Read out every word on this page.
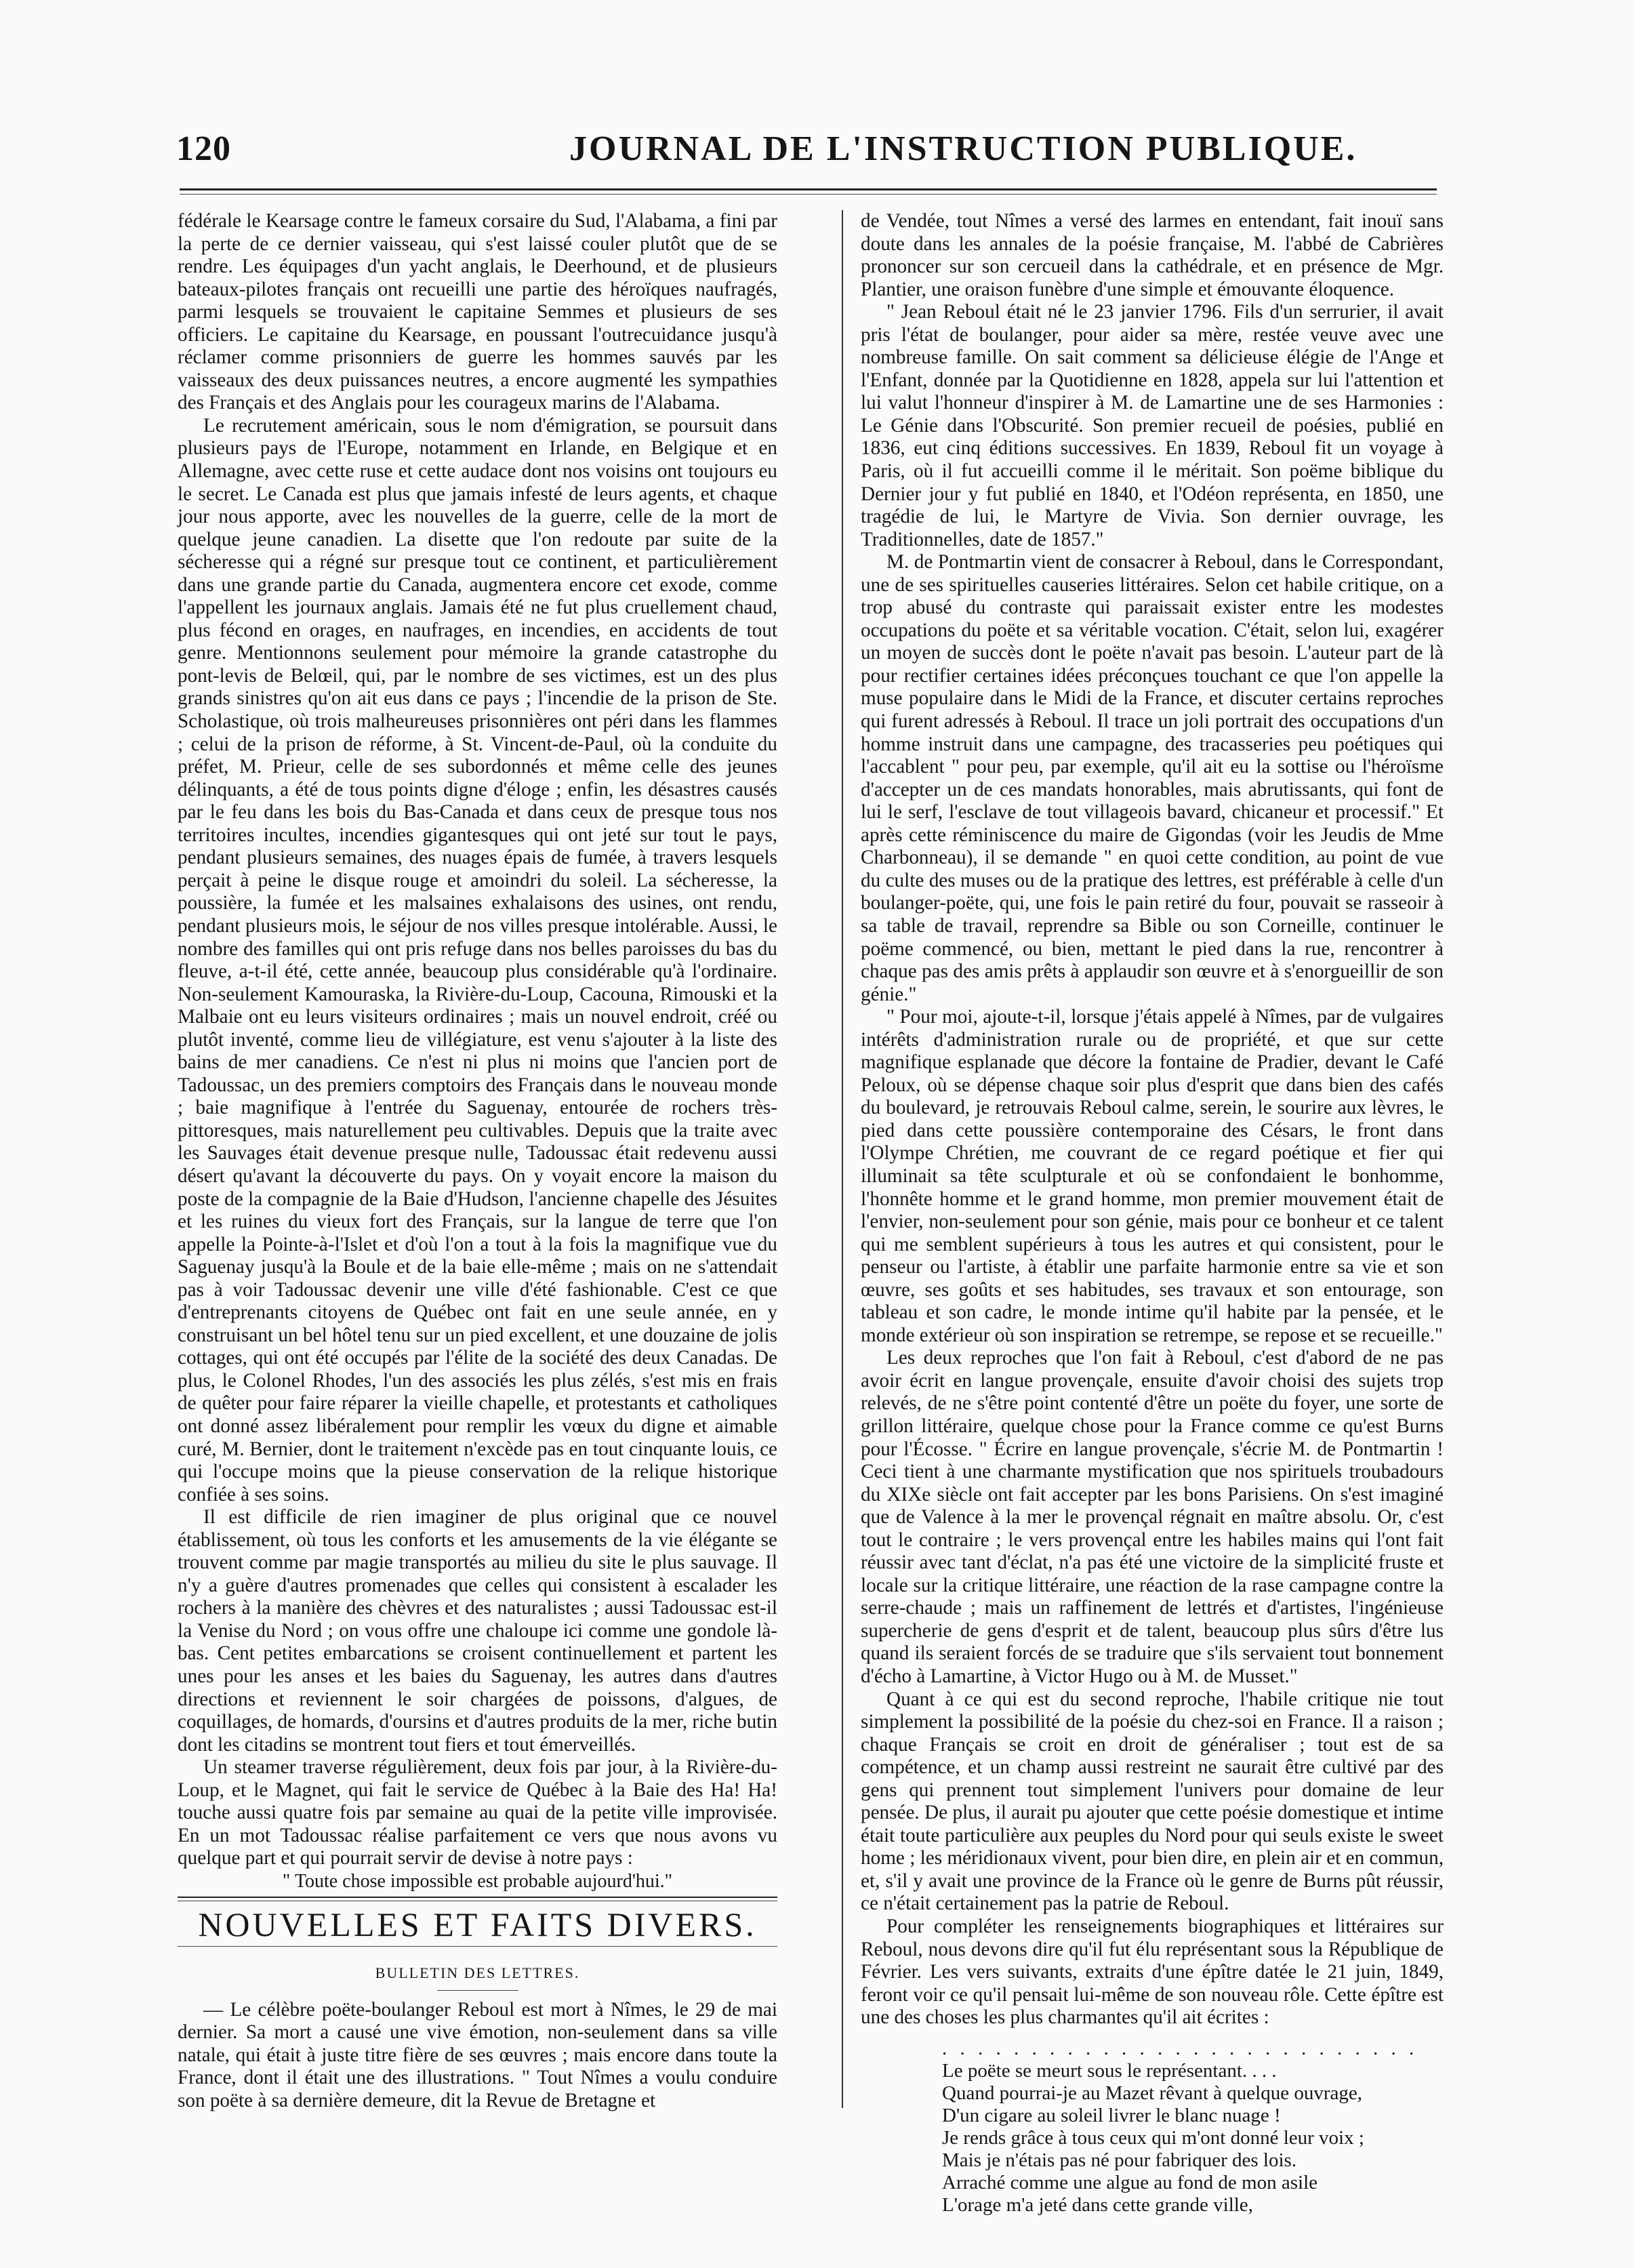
120	JOURNAL DE L'INSTRUCTION PUBLIQUE.

fédérale le Kearsage contre le fameux corsaire du Sud, l'Alabama, a fini par la perte de ce dernier vaisseau, qui s'est laissé couler plutôt que de se rendre. Les équipages d'un yacht anglais, le Deerhound, et de plusieurs bateaux-pilotes français ont recueilli une partie des héroïques naufragés, parmi lesquels se trouvaient le capitaine Semmes et plusieurs de ses officiers. Le capitaine du Kearsage, en poussant l'outrecuidance jusqu'à réclamer comme prisonniers de guerre les hommes sauvés par les vaisseaux des deux puissances neutres, a encore augmenté les sympathies des Français et des Anglais pour les courageux marins de l'Alabama.

Le recrutement américain, sous le nom d'émigration, se poursuit dans plusieurs pays de l'Europe, notamment en Irlande, en Belgique et en Allemagne, avec cette ruse et cette audace dont nos voisins ont toujours eu le secret. Le Canada est plus que jamais infesté de leurs agents, et chaque jour nous apporte, avec les nouvelles de la guerre, celle de la mort de quelque jeune canadien. La disette que l'on redoute par suite de la sécheresse qui a régné sur presque tout ce continent, et particulièrement dans une grande partie du Canada, augmentera encore cet exode, comme l'appellent les journaux anglais. Jamais été ne fut plus cruellement chaud, plus fécond en orages, en naufrages, en incendies, en accidents de tout genre. Mentionnons seulement pour mémoire la grande catastrophe du pont-levis de Belœil, qui, par le nombre de ses victimes, est un des plus grands sinistres qu'on ait eus dans ce pays ; l'incendie de la prison de Ste. Scholastique, où trois malheureuses prisonnières ont péri dans les flammes ; celui de la prison de réforme, à St. Vincent-de-Paul, où la conduite du préfet, M. Prieur, celle de ses subordonnés et même celle des jeunes délinquants, a été de tous points digne d'éloge ; enfin, les désastres causés par le feu dans les bois du Bas-Canada et dans ceux de presque tous nos territoires incultes, incendies gigantesques qui ont jeté sur tout le pays, pendant plusieurs semaines, des nuages épais de fumée, à travers lesquels perçait à peine le disque rouge et amoindri du soleil. La sécheresse, la poussière, la fumée et les malsaines exhalaisons des usines, ont rendu, pendant plusieurs mois, le séjour de nos villes presque intolérable. Aussi, le nombre des familles qui ont pris refuge dans nos belles paroisses du bas du fleuve, a-t-il été, cette année, beaucoup plus considérable qu'à l'ordinaire. Non-seulement Kamouraska, la Rivière-du-Loup, Cacouna, Rimouski et la Malbaie ont eu leurs visiteurs ordinaires ; mais un nouvel endroit, créé ou plutôt inventé, comme lieu de villégiature, est venu s'ajouter à la liste des bains de mer canadiens. Ce n'est ni plus ni moins que l'ancien port de Tadoussac, un des premiers comptoirs des Français dans le nouveau monde ; baie magnifique à l'entrée du Saguenay, entourée de rochers très-pittoresques, mais naturellement peu cultivables. Depuis que la traite avec les Sauvages était devenue presque nulle, Tadoussac était redevenu aussi désert qu'avant la découverte du pays. On y voyait encore la maison du poste de la compagnie de la Baie d'Hudson, l'ancienne chapelle des Jésuites et les ruines du vieux fort des Français, sur la langue de terre que l'on appelle la Pointe-à-l'Islet et d'où l'on a tout à la fois la magnifique vue du Saguenay jusqu'à la Boule et de la baie elle-même ; mais on ne s'attendait pas à voir Tadoussac devenir une ville d'été fashionable. C'est ce que d'entreprenants citoyens de Québec ont fait en une seule année, en y construisant un bel hôtel tenu sur un pied excellent, et une douzaine de jolis cottages, qui ont été occupés par l'élite de la société des deux Canadas. De plus, le Colonel Rhodes, l'un des associés les plus zélés, s'est mis en frais de quêter pour faire réparer la vieille chapelle, et protestants et catholiques ont donné assez libéralement pour remplir les vœux du digne et aimable curé, M. Bernier, dont le traitement n'excède pas en tout cinquante louis, ce qui l'occupe moins que la pieuse conservation de la relique historique confiée à ses soins.

Il est difficile de rien imaginer de plus original que ce nouvel établissement, où tous les conforts et les amusements de la vie élégante se trouvent comme par magie transportés au milieu du site le plus sauvage. Il n'y a guère d'autres promenades que celles qui consistent à escalader les rochers à la manière des chèvres et des naturalistes ; aussi Tadoussac est-il la Venise du Nord ; on vous offre une chaloupe ici comme une gondole là-bas. Cent petites embarcations se croisent continuellement et partent les unes pour les anses et les baies du Saguenay, les autres dans d'autres directions et reviennent le soir chargées de poissons, d'algues, de coquillages, de homards, d'oursins et d'autres produits de la mer, riche butin dont les citadins se montrent tout fiers et tout émerveillés.

Un steamer traverse régulièrement, deux fois par jour, à la Rivière-du-Loup, et le Magnet, qui fait le service de Québec à la Baie des Ha! Ha! touche aussi quatre fois par semaine au quai de la petite ville improvisée. En un mot Tadoussac réalise parfaitement ce vers que nous avons vu quelque part et qui pourrait servir de devise à notre pays :

" Toute chose impossible est probable aujourd'hui."

NOUVELLES ET FAITS DIVERS.
BULLETIN DES LETTRES.

— Le célèbre poëte-boulanger Reboul est mort à Nîmes, le 29 de mai dernier. Sa mort a causé une vive émotion, non-seulement dans sa ville natale, qui était à juste titre fière de ses œuvres ; mais encore dans toute la France, dont il était une des illustrations. " Tout Nîmes a voulu conduire son poëte à sa dernière demeure, dit la Revue de Bretagne et

de Vendée, tout Nîmes a versé des larmes en entendant, fait inouï sans doute dans les annales de la poésie française, M. l'abbé de Cabrières prononcer sur son cercueil dans la cathédrale, et en présence de Mgr. Plantier, une oraison funèbre d'une simple et émouvante éloquence.

" Jean Reboul était né le 23 janvier 1796. Fils d'un serrurier, il avait pris l'état de boulanger, pour aider sa mère, restée veuve avec une nombreuse famille. On sait comment sa délicieuse élégie de l'Ange et l'Enfant, donnée par la Quotidienne en 1828, appela sur lui l'attention et lui valut l'honneur d'inspirer à M. de Lamartine une de ses Harmonies : Le Génie dans l'Obscurité. Son premier recueil de poésies, publié en 1836, eut cinq éditions successives. En 1839, Reboul fit un voyage à Paris, où il fut accueilli comme il le méritait. Son poëme biblique du Dernier jour y fut publié en 1840, et l'Odéon représenta, en 1850, une tragédie de lui, le Martyre de Vivia. Son dernier ouvrage, les Traditionnelles, date de 1857."

M. de Pontmartin vient de consacrer à Reboul, dans le Correspondant, une de ses spirituelles causeries littéraires. Selon cet habile critique, on a trop abusé du contraste qui paraissait exister entre les modestes occupations du poëte et sa véritable vocation. C'était, selon lui, exagérer un moyen de succès dont le poëte n'avait pas besoin. L'auteur part de là pour rectifier certaines idées préconçues touchant ce que l'on appelle la muse populaire dans le Midi de la France, et discuter certains reproches qui furent adressés à Reboul. Il trace un joli portrait des occupations d'un homme instruit dans une campagne, des tracasseries peu poétiques qui l'accablent " pour peu, par exemple, qu'il ait eu la sottise ou l'héroïsme d'accepter un de ces mandats honorables, mais abrutissants, qui font de lui le serf, l'esclave de tout villageois bavard, chicaneur et processif." Et après cette réminiscence du maire de Gigondas (voir les Jeudis de Mme Charbonneau), il se demande " en quoi cette condition, au point de vue du culte des muses ou de la pratique des lettres, est préférable à celle d'un boulanger-poëte, qui, une fois le pain retiré du four, pouvait se rasseoir à sa table de travail, reprendre sa Bible ou son Corneille, continuer le poëme commencé, ou bien, mettant le pied dans la rue, rencontrer à chaque pas des amis prêts à applaudir son œuvre et à s'enorgueillir de son génie."

" Pour moi, ajoute-t-il, lorsque j'étais appelé à Nîmes, par de vulgaires intérêts d'administration rurale ou de propriété, et que sur cette magnifique esplanade que décore la fontaine de Pradier, devant le Café Peloux, où se dépense chaque soir plus d'esprit que dans bien des cafés du boulevard, je retrouvais Reboul calme, serein, le sourire aux lèvres, le pied dans cette poussière contemporaine des Césars, le front dans l'Olympe Chrétien, me couvrant de ce regard poétique et fier qui illuminait sa tête sculpturale et où se confondaient le bonhomme, l'honnête homme et le grand homme, mon premier mouvement était de l'envier, non-seulement pour son génie, mais pour ce bonheur et ce talent qui me semblent supérieurs à tous les autres et qui consistent, pour le penseur ou l'artiste, à établir une parfaite harmonie entre sa vie et son œuvre, ses goûts et ses habitudes, ses travaux et son entourage, son tableau et son cadre, le monde intime qu'il habite par la pensée, et le monde extérieur où son inspiration se retrempe, se repose et se recueille."

Les deux reproches que l'on fait à Reboul, c'est d'abord de ne pas avoir écrit en langue provençale, ensuite d'avoir choisi des sujets trop relevés, de ne s'être point contenté d'être un poëte du foyer, une sorte de grillon littéraire, quelque chose pour la France comme ce qu'est Burns pour l'Écosse. " Écrire en langue provençale, s'écrie M. de Pontmartin ! Ceci tient à une charmante mystification que nos spirituels troubadours du XIXe siècle ont fait accepter par les bons Parisiens. On s'est imaginé que de Valence à la mer le provençal régnait en maître absolu. Or, c'est tout le contraire ; le vers provençal entre les habiles mains qui l'ont fait réussir avec tant d'éclat, n'a pas été une victoire de la simplicité fruste et locale sur la critique littéraire, une réaction de la rase campagne contre la serre-chaude ; mais un raffinement de lettrés et d'artistes, l'ingénieuse supercherie de gens d'esprit et de talent, beaucoup plus sûrs d'être lus quand ils seraient forcés de se traduire que s'ils servaient tout bonnement d'écho à Lamartine, à Victor Hugo ou à M. de Musset."

Quant à ce qui est du second reproche, l'habile critique nie tout simplement la possibilité de la poésie du chez-soi en France. Il a raison ; chaque Français se croit en droit de généraliser ; tout est de sa compétence, et un champ aussi restreint ne saurait être cultivé par des gens qui prennent tout simplement l'univers pour domaine de leur pensée. De plus, il aurait pu ajouter que cette poésie domestique et intime était toute particulière aux peuples du Nord pour qui seuls existe le sweet home ; les méridionaux vivent, pour bien dire, en plein air et en commun, et, s'il y avait une province de la France où le genre de Burns pût réussir, ce n'était certainement pas la patrie de Reboul.

Pour compléter les renseignements biographiques et littéraires sur Reboul, nous devons dire qu'il fut élu représentant sous la République de Février. Les vers suivants, extraits d'une épître datée le 21 juin, 1849, feront voir ce qu'il pensait lui-même de son nouveau rôle. Cette épître est une des choses les plus charmantes qu'il ait écrites :

. . . . . . . . . . . . . . . . . . . . . . . . . . .
Le poëte se meurt sous le représentant. . . .
Quand pourrai-je au Mazet rêvant à quelque ouvrage,
D'un cigare au soleil livrer le blanc nuage !
Je rends grâce à tous ceux qui m'ont donné leur voix ;
Mais je n'étais pas né pour fabriquer des lois.
Arraché comme une algue au fond de mon asile
L'orage m'a jeté dans cette grande ville,
